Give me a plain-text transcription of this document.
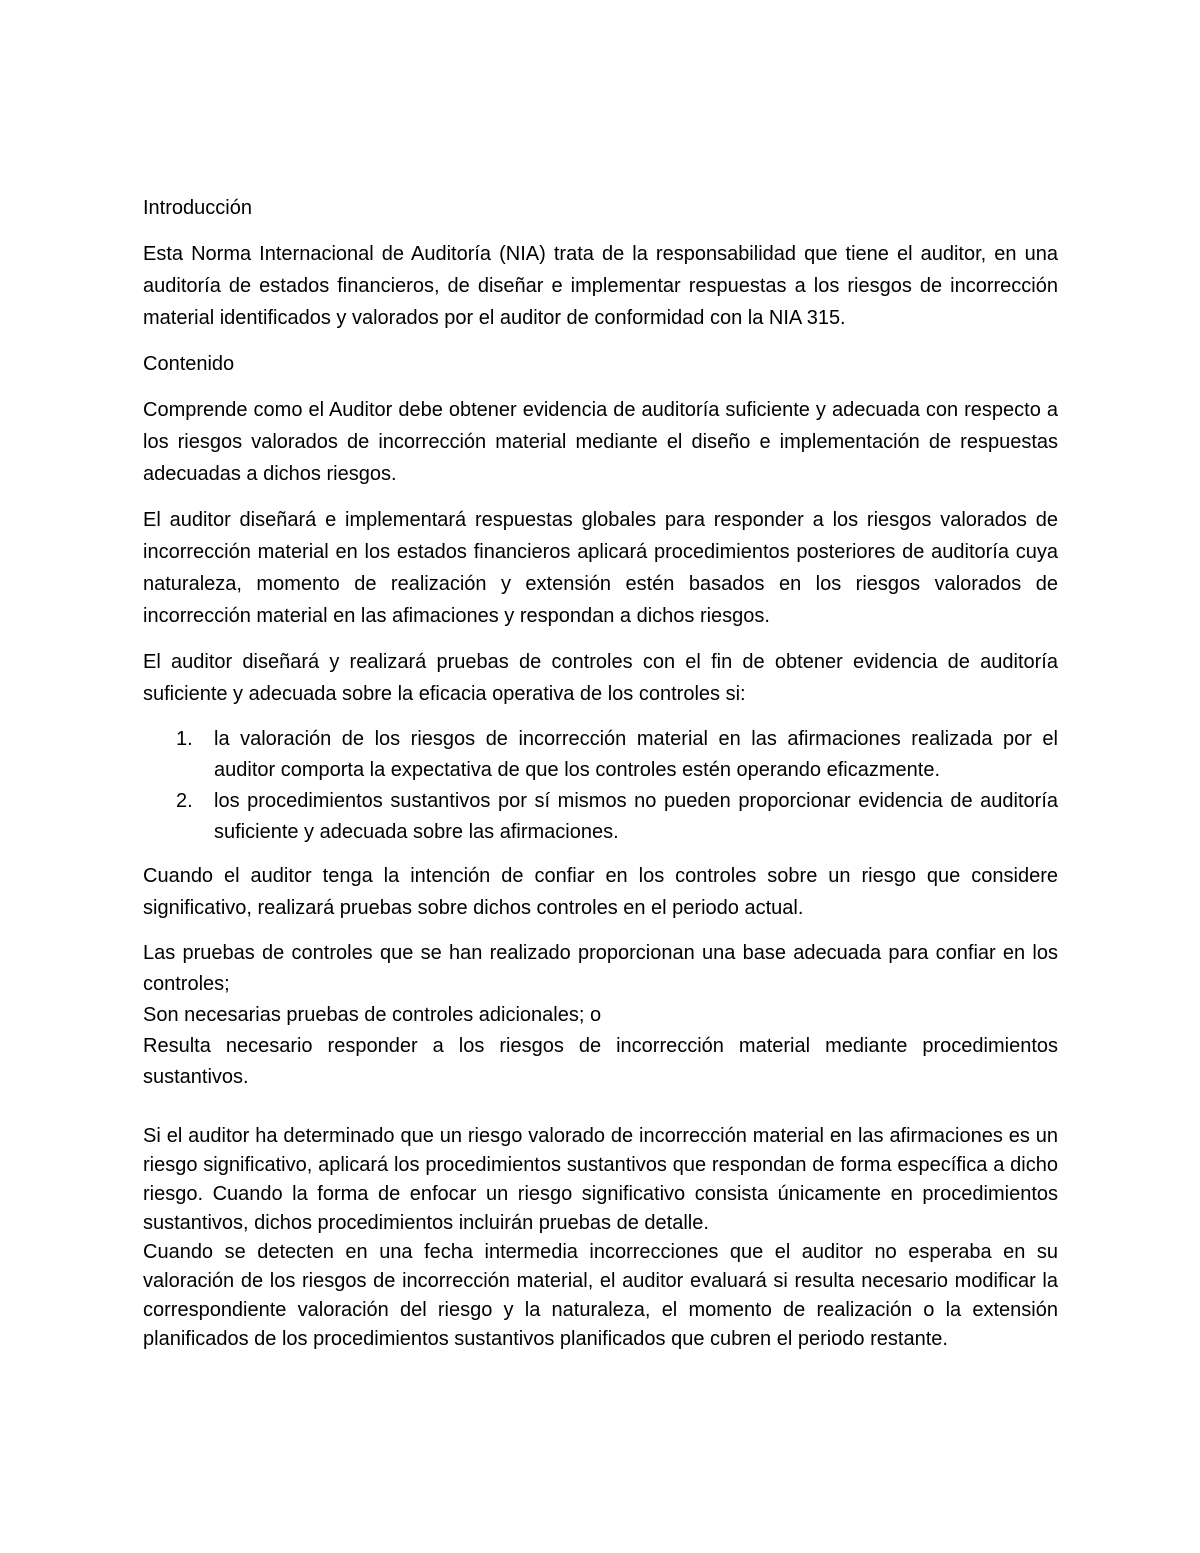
Introducción

Esta Norma Internacional de Auditoría (NIA) trata de la responsabilidad que tiene el auditor, en una auditoría de estados financieros, de diseñar e implementar respuestas a los riesgos de incorrección material identificados y valorados por el auditor de conformidad con la NIA 315.

Contenido

Comprende como el Auditor debe obtener evidencia de auditoría suficiente y adecuada con respecto a los riesgos valorados de incorrección material mediante el diseño e implementación de respuestas adecuadas a dichos riesgos.

El auditor diseñará e implementará respuestas globales para responder a los riesgos valorados de incorrección material en los estados financieros aplicará procedimientos posteriores de auditoría cuya naturaleza, momento de realización y extensión estén basados en los riesgos valorados de incorrección material en las afimaciones y respondan a dichos riesgos.

El auditor diseñará y realizará pruebas de controles con el fin de obtener evidencia de auditoría suficiente y adecuada sobre la eficacia operativa de los controles si:

1. la valoración de los riesgos de incorrección material en las afirmaciones realizada por el auditor comporta la expectativa de que los controles estén operando eficazmente.
2. los procedimientos sustantivos por sí mismos no pueden proporcionar evidencia de auditoría suficiente y adecuada sobre las afirmaciones.

Cuando el auditor tenga la intención de confiar en los controles sobre un riesgo que considere significativo, realizará pruebas sobre dichos controles en el periodo actual.

Las pruebas de controles que se han realizado proporcionan una base adecuada para confiar en los controles;

Son necesarias pruebas de controles adicionales; o

Resulta necesario responder a los riesgos de incorrección material mediante procedimientos sustantivos.

Si el auditor ha determinado que un riesgo valorado de incorrección material en las afirmaciones es un riesgo significativo, aplicará los procedimientos sustantivos que respondan de forma específica a dicho riesgo. Cuando la forma de enfocar un riesgo significativo consista únicamente en procedimientos sustantivos, dichos procedimientos incluirán pruebas de detalle.

Cuando se detecten en una fecha intermedia incorrecciones que el auditor no esperaba en su valoración de los riesgos de incorrección material, el auditor evaluará si resulta necesario modificar la correspondiente valoración del riesgo y la naturaleza, el momento de realización o la extensión planificados de los procedimientos sustantivos planificados que cubren el periodo restante.
